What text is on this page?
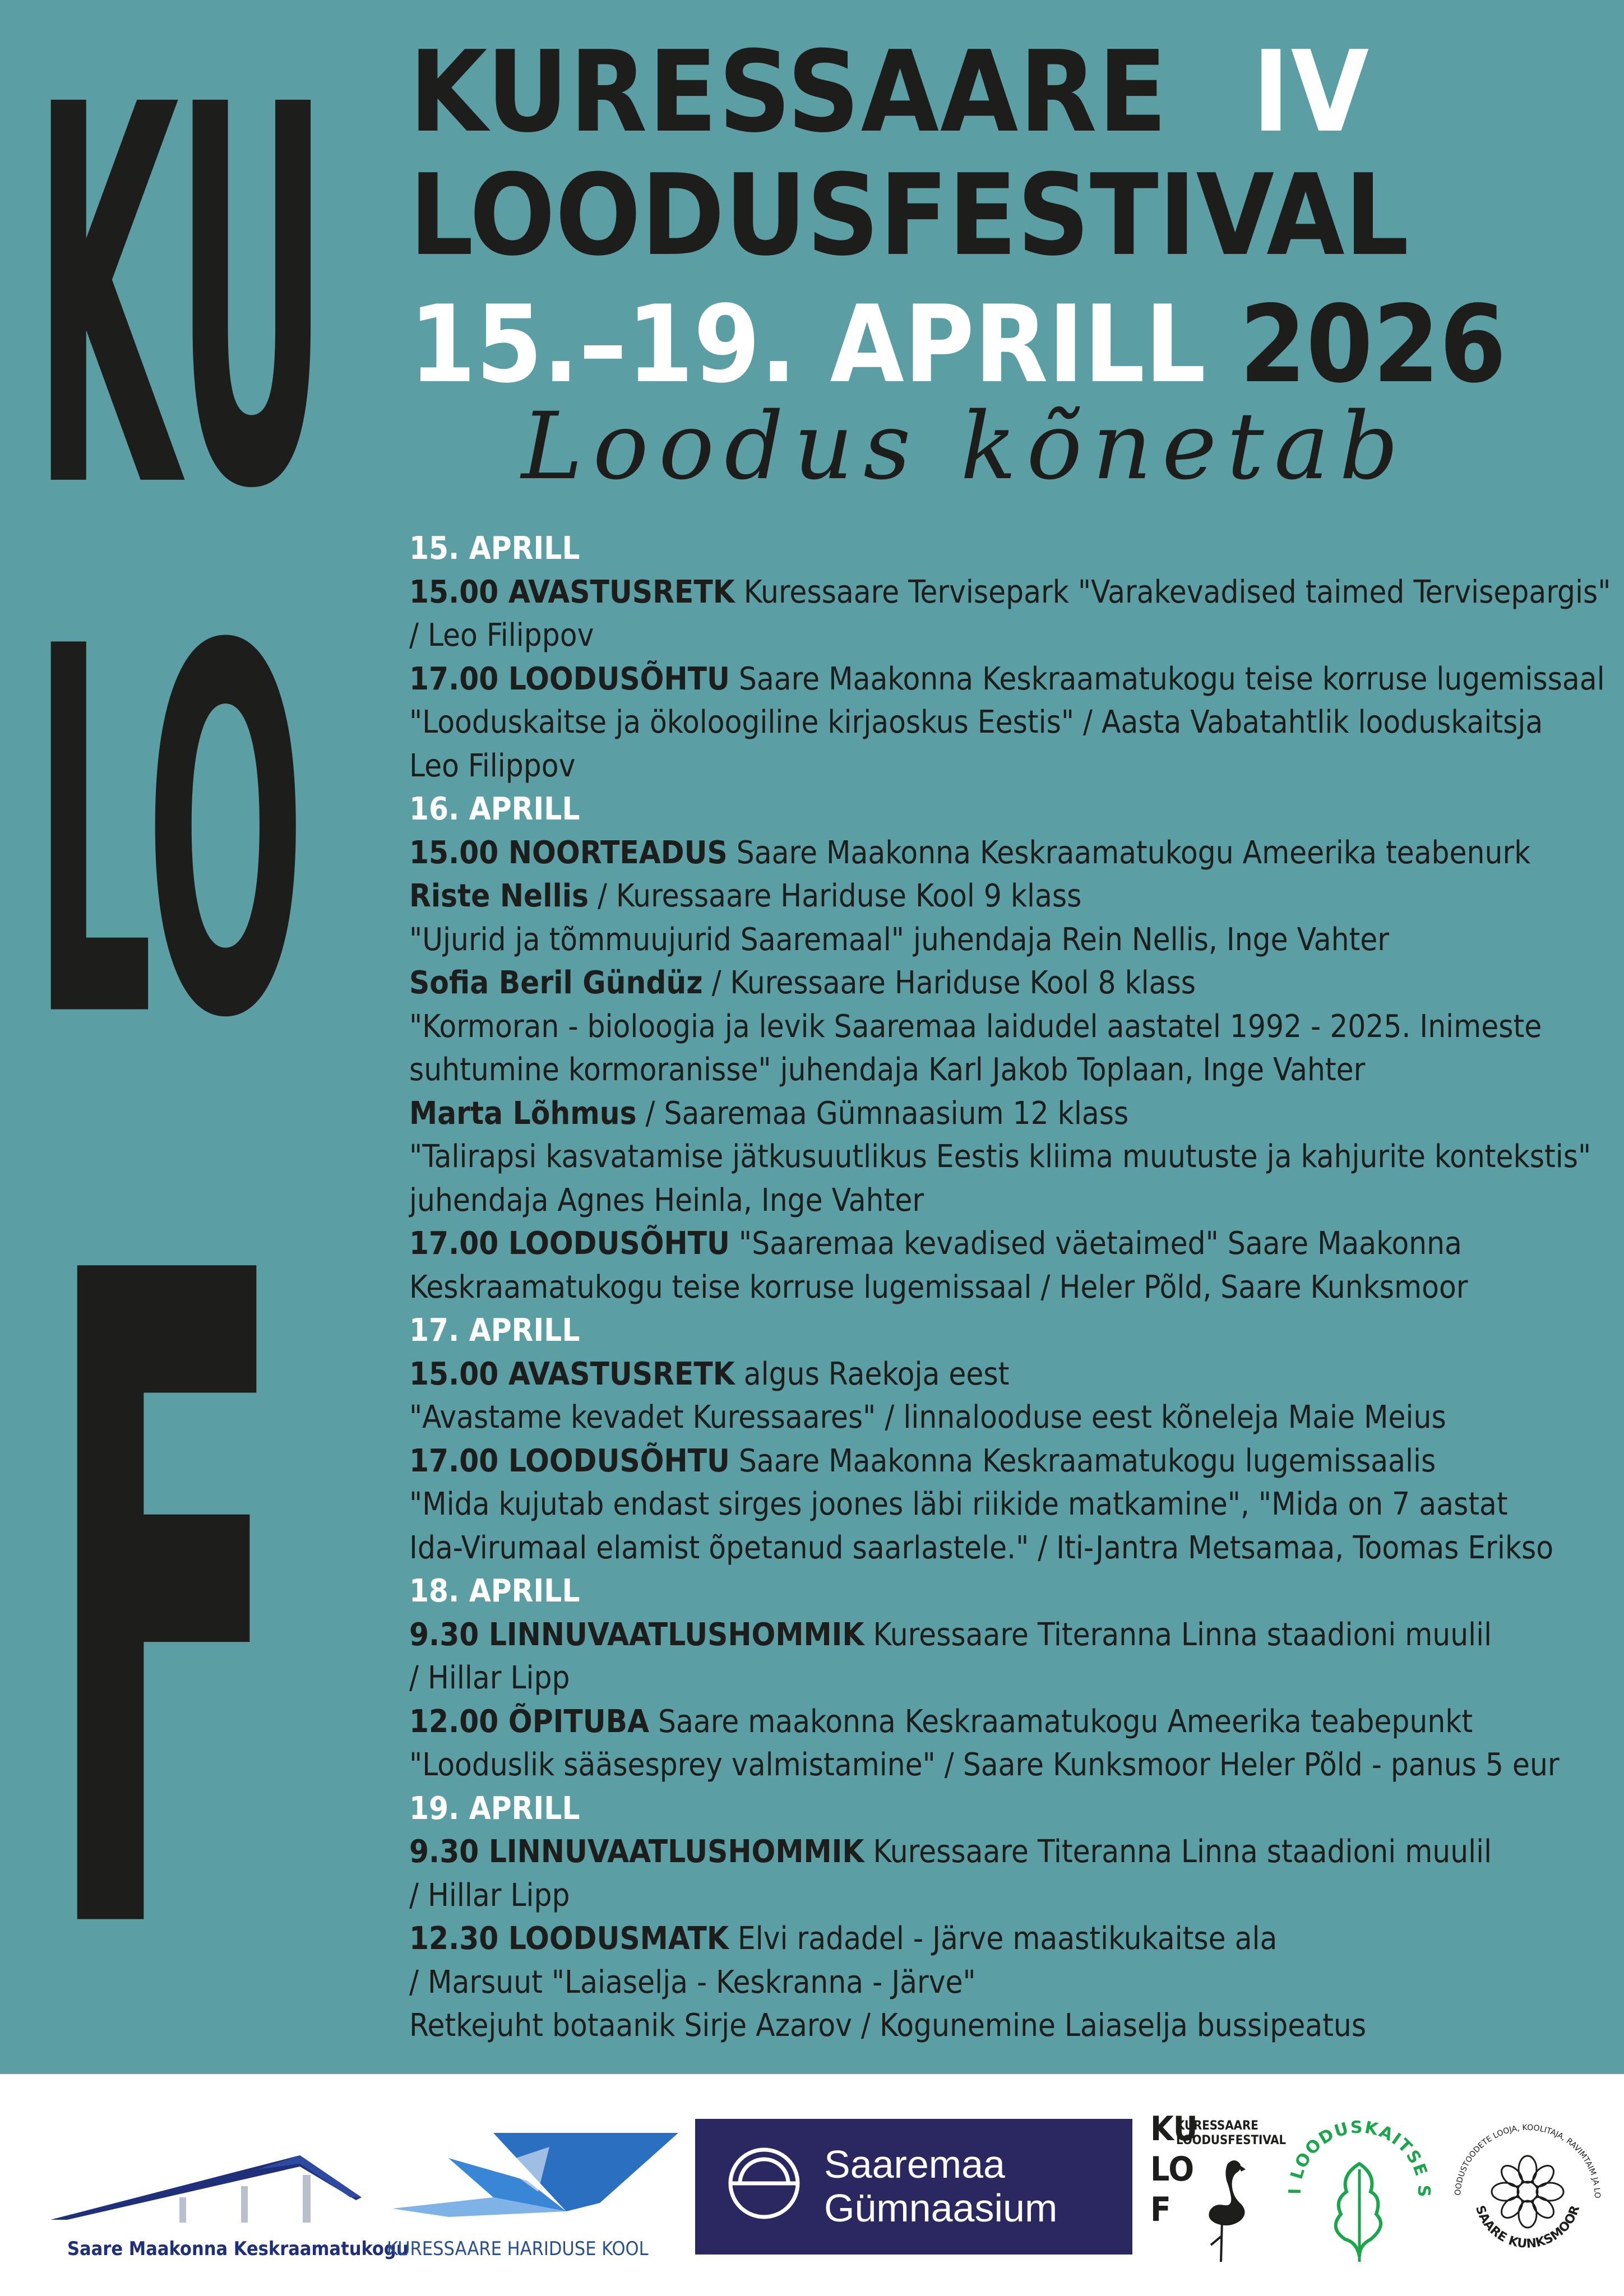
KU
LO
F
KURESSAARE IV
LOODUSFESTIVAL
15.–19. APRILL 2026
Loodus kõnetab
15. APRILL
15.00 AVASTUSRETK Kuressaare Tervisepark "Varakevadised taimed Tervisepargis"
/ Leo Filippov
17.00 LOODUSÕHTU Saare Maakonna Keskraamatukogu teise korruse lugemissaal
"Looduskaitse ja ökoloogiline kirjaoskus Eestis" / Aasta Vabatahtlik looduskaitsja
Leo Filippov
16. APRILL
15.00 NOORTEADUS Saare Maakonna Keskraamatukogu Ameerika teabenurk
Riste Nellis / Kuressaare Hariduse Kool 9 klass
"Ujurid ja tõmmuujurid Saaremaal" juhendaja Rein Nellis, Inge Vahter
Sofia Beril Gündüz / Kuressaare Hariduse Kool 8 klass
"Kormoran - bioloogia ja levik Saaremaa laidudel aastatel 1992 - 2025. Inimeste
suhtumine kormoranisse" juhendaja Karl Jakob Toplaan, Inge Vahter
Marta Lõhmus / Saaremaa Gümnaasium 12 klass
"Talirapsi kasvatamise jätkusuutlikus Eestis kliima muutuste ja kahjurite kontekstis"
juhendaja Agnes Heinla, Inge Vahter
17.00 LOODUSÕHTU "Saaremaa kevadised väetaimed" Saare Maakonna
Keskraamatukogu teise korruse lugemissaal / Heler Põld, Saare Kunksmoor
17. APRILL
15.00 AVASTUSRETK algus Raekoja eest
"Avastame kevadet Kuressaares" / linnalooduse eest kõneleja Maie Meius
17.00 LOODUSÕHTU Saare Maakonna Keskraamatukogu lugemissaalis
"Mida kujutab endast sirges joones läbi riikide matkamine", "Mida on 7 aastat
Ida-Virumaal elamist õpetanud saarlastele." / Iti-Jantra Metsamaa, Toomas Erikso
18. APRILL
9.30 LINNUVAATLUSHOMMIK Kuressaare Titeranna Linna staadioni muulil
/ Hillar Lipp
12.00 ÕPITUBA Saare maakonna Keskraamatukogu Ameerika teabepunkt
"Looduslik sääsesprey valmistamine" / Saare Kunksmoor Heler Põld - panus 5 eur
19. APRILL
9.30 LINNUVAATLUSHOMMIK Kuressaare Titeranna Linna staadioni muulil
/ Hillar Lipp
12.30 LOODUSMATK Elvi radadel - Järve maastikukaitse ala
/ Marsuut "Laiaselja - Keskranna - Järve"
Retkejuht botaanik Sirje Azarov / Kogunemine Laiaselja bussipeatus
Saare Maakonna Keskraamatukogu
KURESSAARE HARIDUSE KOOL
Saaremaa
Gümnaasium
KU
LO
F
KURESSAARE
LOODUSFESTIVAL
I LOODUSKAITSE S	OODUSTOODETE LOOJA, KOOLITAJA, RAVIMTAIM JA LO
SAARE KUNKSMOOR
